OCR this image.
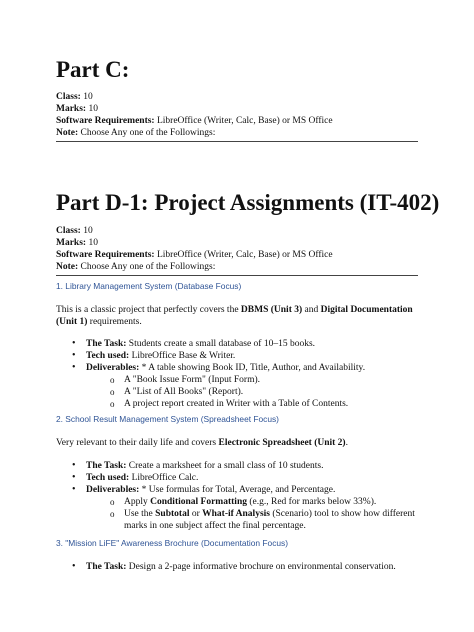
Part C:
Class: 10
Marks: 10
Software Requirements: LibreOffice (Writer, Calc, Base) or MS Office
Note: Choose Any one of the Followings:
Part D-1: Project Assignments (IT-402)
Class: 10
Marks: 10
Software Requirements: LibreOffice (Writer, Calc, Base) or MS Office
Note: Choose Any one of the Followings:
1. Library Management System (Database Focus)
This is a classic project that perfectly covers the DBMS (Unit 3) and Digital Documentation (Unit 1) requirements.
• The Task: Students create a small database of 10–15 books.
• Tech used: LibreOffice Base & Writer.
• Deliverables: * A table showing Book ID, Title, Author, and Availability.
o A "Book Issue Form" (Input Form).
o A "List of All Books" (Report).
o A project report created in Writer with a Table of Contents.
2. School Result Management System (Spreadsheet Focus)
Very relevant to their daily life and covers Electronic Spreadsheet (Unit 2).
• The Task: Create a marksheet for a small class of 10 students.
• Tech used: LibreOffice Calc.
• Deliverables: * Use formulas for Total, Average, and Percentage.
o Apply Conditional Formatting (e.g., Red for marks below 33%).
o Use the Subtotal or What-if Analysis (Scenario) tool to show how different marks in one subject affect the final percentage.
3. "Mission LiFE" Awareness Brochure (Documentation Focus)
• The Task: Design a 2-page informative brochure on environmental conservation.
